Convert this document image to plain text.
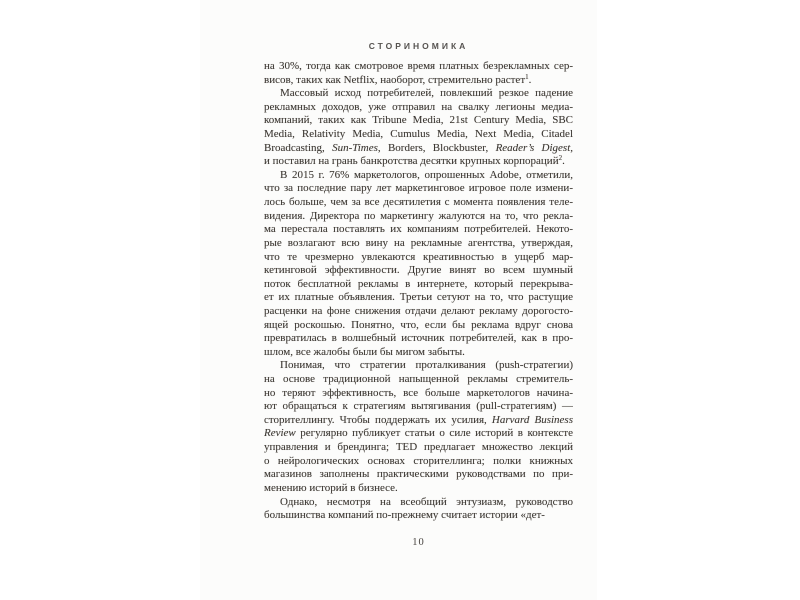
СТОРИНОМИКА
на 30%, тогда как смотровое время платных безрекламных сер-
висов, таких как Netflix, наоборот, стремительно растет$^1$.
Массовый исход потребителей, повлекший резкое падение
рекламных доходов, уже отправил на свалку легионы медиа-
компаний, таких как Tribune Media, 21st Century Media, SBC
Media, Relativity Media, Cumulus Media, Next Media, Citadel
Broadcasting, Sun-Times, Borders, Blockbuster, Reader’s Digest,
и поставил на грань банкротства десятки крупных корпораций$^2$.
В 2015 г. 76% маркетологов, опрошенных Adobe, отметили,
что за последние пару лет маркетинговое игровое поле измени-
лось больше, чем за все десятилетия с момента появления теле-
видения. Директора по маркетингу жалуются на то, что рекла-
ма перестала поставлять их компаниям потребителей. Некото-
рые возлагают всю вину на рекламные агентства, утверждая,
что те чрезмерно увлекаются креативностью в ущерб мар-
кетинговой эффективности. Другие винят во всем шумный
поток бесплатной рекламы в интернете, который перекрыва-
ет их платные объявления. Третьи сетуют на то, что растущие
расценки на фоне снижения отдачи делают рекламу дорогосто-
ящей роскошью. Понятно, что, если бы реклама вдруг снова
превратилась в волшебный источник потребителей, как в про-
шлом, все жалобы были бы мигом забыты.
Понимая, что стратегии проталкивания (push-стратегии)
на основе традиционной напыщенной рекламы стремитель-
но теряют эффективность, все больше маркетологов начина-
ют обращаться к стратегиям вытягивания (pull-стратегиям) —
сторителлингу. Чтобы поддержать их усилия, Harvard Business
Review регулярно публикует статьи о силе историй в контексте
управления и брендинга; TED предлагает множество лекций
о нейрологических основах сторителлинга; полки книжных
магазинов заполнены практическими руководствами по при-
менению историй в бизнесе.
Однако, несмотря на всеобщий энтузиазм, руководство
большинства компаний по-прежнему считает истории «дет-
10
